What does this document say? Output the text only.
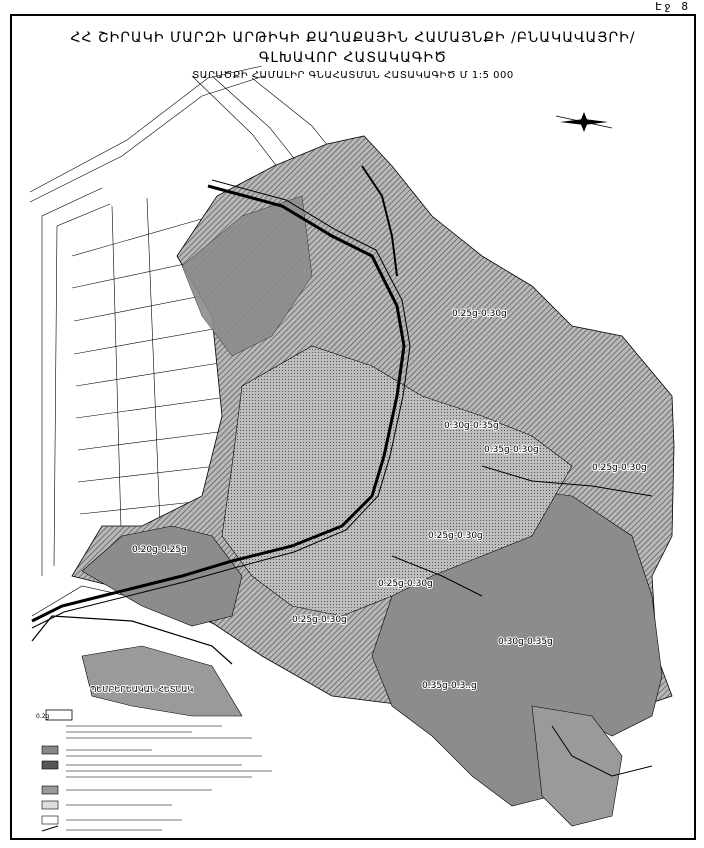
Էջ 8
ՀՀ ՇԻՐԱԿԻ ՄԱՐԶԻ ԱՐԹԻԿԻ ՔԱՂԱՔԱՅԻՆ ՀԱՄԱՅՆՔԻ /ԲՆԱԿԱՎԱՅՐԻ/
ԳԼԽԱՎՈՐ ՀԱՏԱԿԱԳԻԾ
ՏԱՐԱԾՔԻ ՀԱՄԱԼԻՐ ԳՆԱՀԱՏՄԱՆ ՀԱՏԱԿԱԳԻԾ Մ 1:5 000
0.25g-0.30g
0.30g-0.35g
0.35g-0.30g
0.25g-0.30g
0.25g-0.30g
0.20g-0.25g
0.25g-0.30g
0.25g-0.30g
0.30g-0.35g
0.35g-0.3..g
ՊԵՄԲԵՐԵԱԿԱՆ ՀԵՏՆԱԿ
0.2g
